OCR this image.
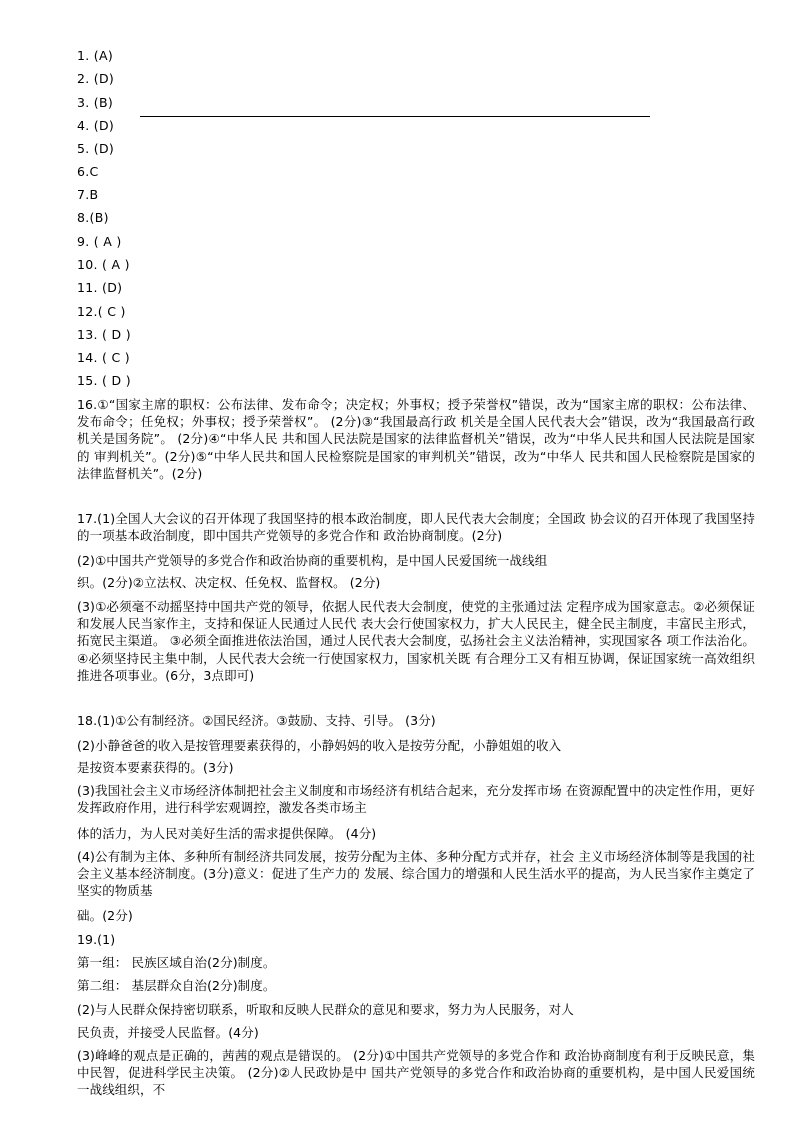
1. (A)
2. (D)
3. (B)
4. (D)
5. (D)
6.C
7.B
8.(B)
9. ( A )
10. ( A )
11. (D)
12.( C )
13. ( D )
14. ( C )
15. ( D )
16.①“国家主席的职权：公布法律、发布命令；决定权；外事权；授予荣誉权”错误，改为“国家主席的职权：公布法律、发布命令；任免权；外事权；授予荣誉权”。 (2分)③“我国最高行政 机关是全国人民代表大会”错误，改为“我国最高行政机关是国务院”。 (2分)④“中华人民 共和国人民法院是国家的法律监督机关”错误，改为“中华人民共和国人民法院是国家的 审判机关”。(2分)⑤“中华人民共和国人民检察院是国家的审判机关”错误，改为“中华人 民共和国人民检察院是国家的法律监督机关”。(2分)
17.(1)全国人大会议的召开体现了我国坚持的根本政治制度，即人民代表大会制度；全国政 协会议的召开体现了我国坚持的一项基本政治制度，即中国共产党领导的多党合作和 政治协商制度。(2分)
(2)①中国共产党领导的多党合作和政治协商的重要机构，是中国人民爱国统一战线组
织。(2分)②立法权、决定权、任免权、监督权。 (2分)
(3)①必须毫不动摇坚持中国共产党的领导，依据人民代表大会制度，使党的主张通过法 定程序成为国家意志。②必须保证和发展人民当家作主，支持和保证人民通过人民代 表大会行使国家权力，扩大人民民主，健全民主制度，丰富民主形式，拓宽民主渠道。 ③必须全面推进依法治国，通过人民代表大会制度，弘扬社会主义法治精神，实现国家各 项工作法治化。④必须坚持民主集中制，人民代表大会统一行使国家权力，国家机关既 有合理分工又有相互协调，保证国家统一高效组织推进各项事业。(6分，3点即可)
18.(1)①公有制经济。②国民经济。③鼓励、支持、引导。 (3分)
(2)小静爸爸的收入是按管理要素获得的，小静妈妈的收入是按劳分配，小静姐姐的收入
是按资本要素获得的。(3分)
(3)我国社会主义市场经济体制把社会主义制度和市场经济有机结合起来，充分发挥市场 在资源配置中的决定性作用，更好发挥政府作用，进行科学宏观调控，激发各类市场主
体的活力，为人民对美好生活的需求提供保障。 (4分)
(4)公有制为主体、多种所有制经济共同发展，按劳分配为主体、多种分配方式并存，社会 主义市场经济体制等是我国的社会主义基本经济制度。(3分)意义：促进了生产力的 发展、综合国力的增强和人民生活水平的提高，为人民当家作主奠定了坚实的物质基
础。(2分)
19.(1)
第一组： 民族区域自治(2分)制度。
第二组： 基层群众自治(2分)制度。
(2)与人民群众保持密切联系，听取和反映人民群众的意见和要求，努力为人民服务，对人
民负责，并接受人民监督。(4分)
(3)峰峰的观点是正确的，茜茜的观点是错误的。 (2分)①中国共产党领导的多党合作和 政治协商制度有利于反映民意，集中民智，促进科学民主决策。 (2分)②人民政协是中 国共产党领导的多党合作和政治协商的重要机构，是中国人民爱国统一战线组织，不
